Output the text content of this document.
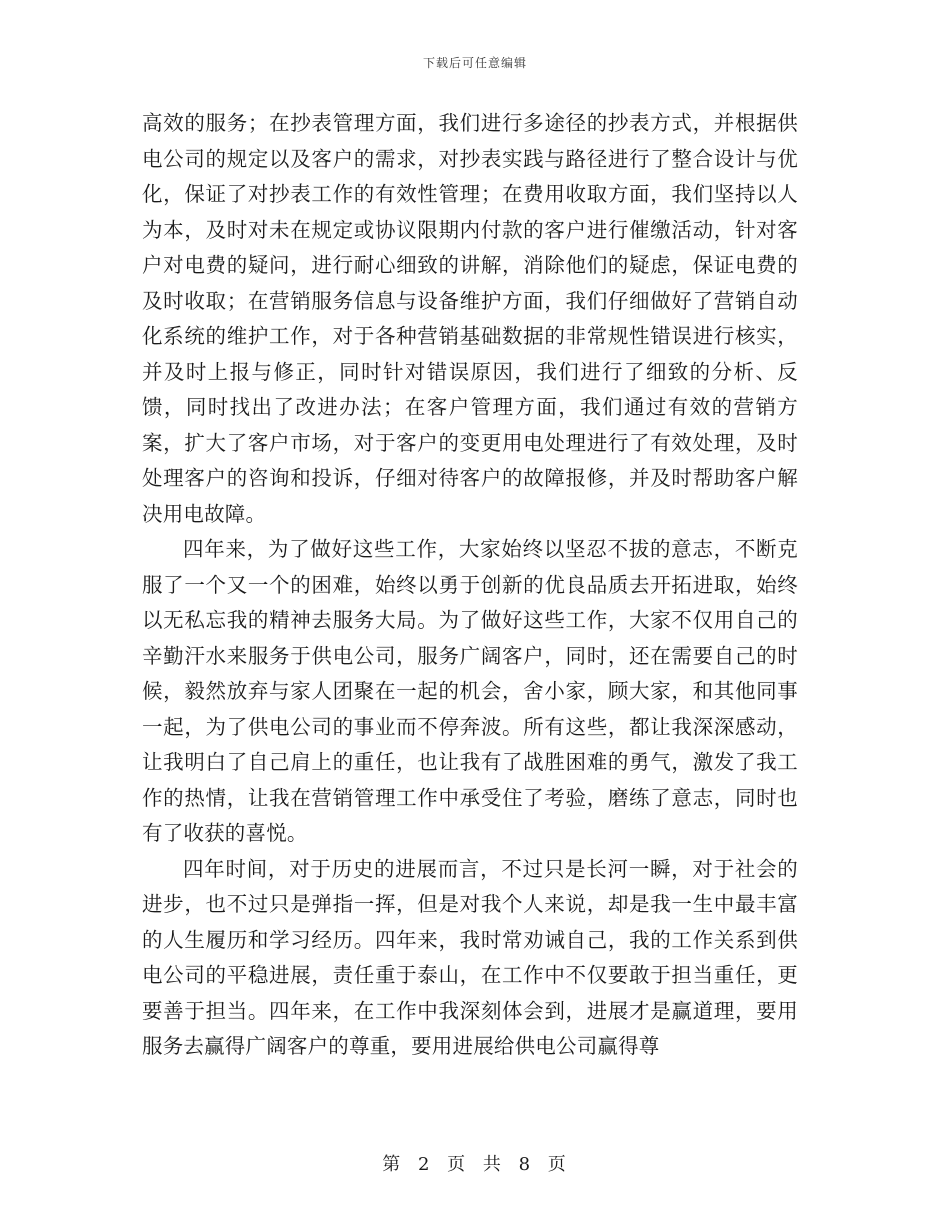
下载后可任意编辑

高效的服务；在抄表管理方面，我们进行多途径的抄表方式，并根据供电公司的规定以及客户的需求，对抄表实践与路径进行了整合设计与优化，保证了对抄表工作的有效性管理；在费用收取方面，我们坚持以人为本，及时对未在规定或协议限期内付款的客户进行催缴活动，针对客户对电费的疑问，进行耐心细致的讲解，消除他们的疑虑，保证电费的及时收取；在营销服务信息与设备维护方面，我们仔细做好了营销自动化系统的维护工作，对于各种营销基础数据的非常规性错误进行核实，并及时上报与修正，同时针对错误原因，我们进行了细致的分析、反馈，同时找出了改进办法；在客户管理方面，我们通过有效的营销方案，扩大了客户市场，对于客户的变更用电处理进行了有效处理，及时处理客户的咨询和投诉，仔细对待客户的故障报修，并及时帮助客户解决用电故障。

四年来，为了做好这些工作，大家始终以坚忍不拔的意志，不断克服了一个又一个的困难，始终以勇于创新的优良品质去开拓进取，始终以无私忘我的精神去服务大局。为了做好这些工作，大家不仅用自己的辛勤汗水来服务于供电公司，服务广阔客户，同时，还在需要自己的时候，毅然放弃与家人团聚在一起的机会，舍小家，顾大家，和其他同事一起，为了供电公司的事业而不停奔波。所有这些，都让我深深感动，让我明白了自己肩上的重任，也让我有了战胜困难的勇气，激发了我工作的热情，让我在营销管理工作中承受住了考验，磨练了意志，同时也有了收获的喜悦。

四年时间，对于历史的进展而言，不过只是长河一瞬，对于社会的进步，也不过只是弹指一挥，但是对我个人来说，却是我一生中最丰富的人生履历和学习经历。四年来，我时常劝诫自己，我的工作关系到供电公司的平稳进展，责任重于泰山，在工作中不仅要敢于担当重任，更要善于担当。四年来，在工作中我深刻体会到，进展才是赢道理，要用服务去赢得广阔客户的尊重，要用进展给供电公司赢得尊

第 2 页 共 8 页
